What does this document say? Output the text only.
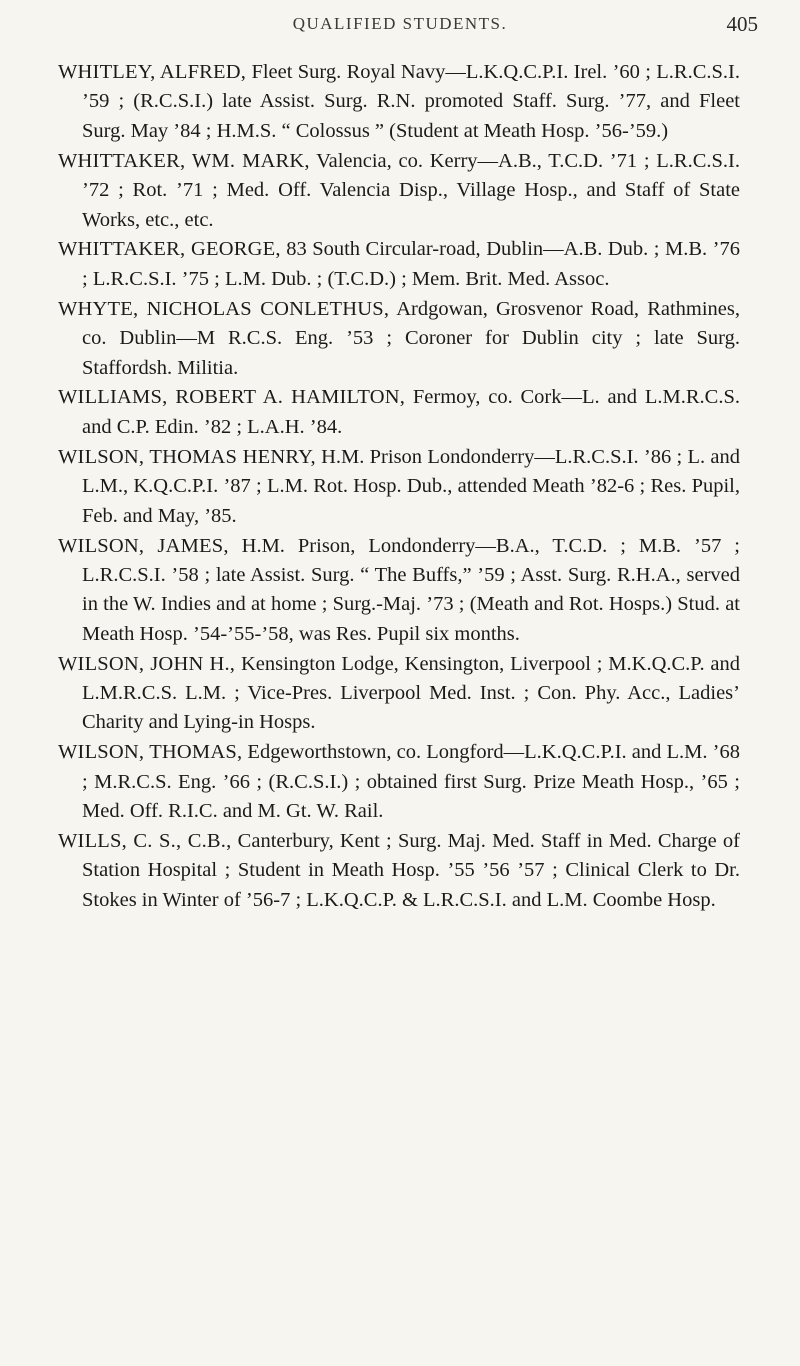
QUALIFIED STUDENTS.	405

WHITLEY, ALFRED, Fleet Surg. Royal Navy—L.K.Q.C.P.I. Irel. ’60 ; L.R.C.S.I. ’59 ; (R.C.S.I.) late Assist. Surg. R.N. promoted Staff. Surg. ’77, and Fleet Surg. May ’84 ; H.M.S. “ Colossus ” (Student at Meath Hosp. ’56-’59.)

WHITTAKER, WM. MARK, Valencia, co. Kerry—A.B., T.C.D. ’71 ; L.R.C.S.I. ’72 ; Rot. ’71 ; Med. Off. Valencia Disp., Village Hosp., and Staff of State Works, etc., etc.

WHITTAKER, GEORGE, 83 South Circular-road, Dublin—A.B. Dub. ; M.B. ’76 ; L.R.C.S.I. ’75 ; L.M. Dub. ; (T.C.D.) ; Mem. Brit. Med. Assoc.

WHYTE, NICHOLAS CONLETHUS, Ardgowan, Grosvenor Road, Rathmines, co. Dublin—M R.C.S. Eng. ’53 ; Coroner for Dublin city ; late Surg. Staffordsh. Militia.

WILLIAMS, ROBERT A. HAMILTON, Fermoy, co. Cork—L. and L.M.R.C.S. and C.P. Edin. ’82 ; L.A.H. ’84.

WILSON, THOMAS HENRY, H.M. Prison Londonderry—L.R.C.S.I. ’86 ; L. and L.M., K.Q.C.P.I. ’87 ; L.M. Rot. Hosp. Dub., attended Meath ’82-6 ; Res. Pupil, Feb. and May, ’85.

WILSON, JAMES, H.M. Prison, Londonderry—B.A., T.C.D. ; M.B. ’57 ; L.R.C.S.I. ’58 ; late Assist. Surg. “ The Buffs,” ’59 ; Asst. Surg. R.H.A., served in the W. Indies and at home ; Surg.-Maj. ’73 ; (Meath and Rot. Hosps.) Stud. at Meath Hosp. ’54-’55-’58, was Res. Pupil six months.

WILSON, JOHN H., Kensington Lodge, Kensington, Liverpool ; M.K.Q.C.P. and L.M.R.C.S. L.M. ; Vice-Pres. Liverpool Med. Inst. ; Con. Phy. Acc., Ladies’ Charity and Lying-in Hosps.

WILSON, THOMAS, Edgeworthstown, co. Longford—L.K.Q.C.P.I. and L.M. ’68 ; M.R.C.S. Eng. ’66 ; (R.C.S.I.) ; obtained first Surg. Prize Meath Hosp., ’65 ; Med. Off. R.I.C. and M. Gt. W. Rail.

WILLS, C. S., C.B., Canterbury, Kent ; Surg. Maj. Med. Staff in Med. Charge of Station Hospital ; Student in Meath Hosp. ’55 ’56 ’57 ; Clinical Clerk to Dr. Stokes in Winter of ’56-7 ; L.K.Q.C.P. & L.R.C.S.I. and L.M. Coombe Hosp.
